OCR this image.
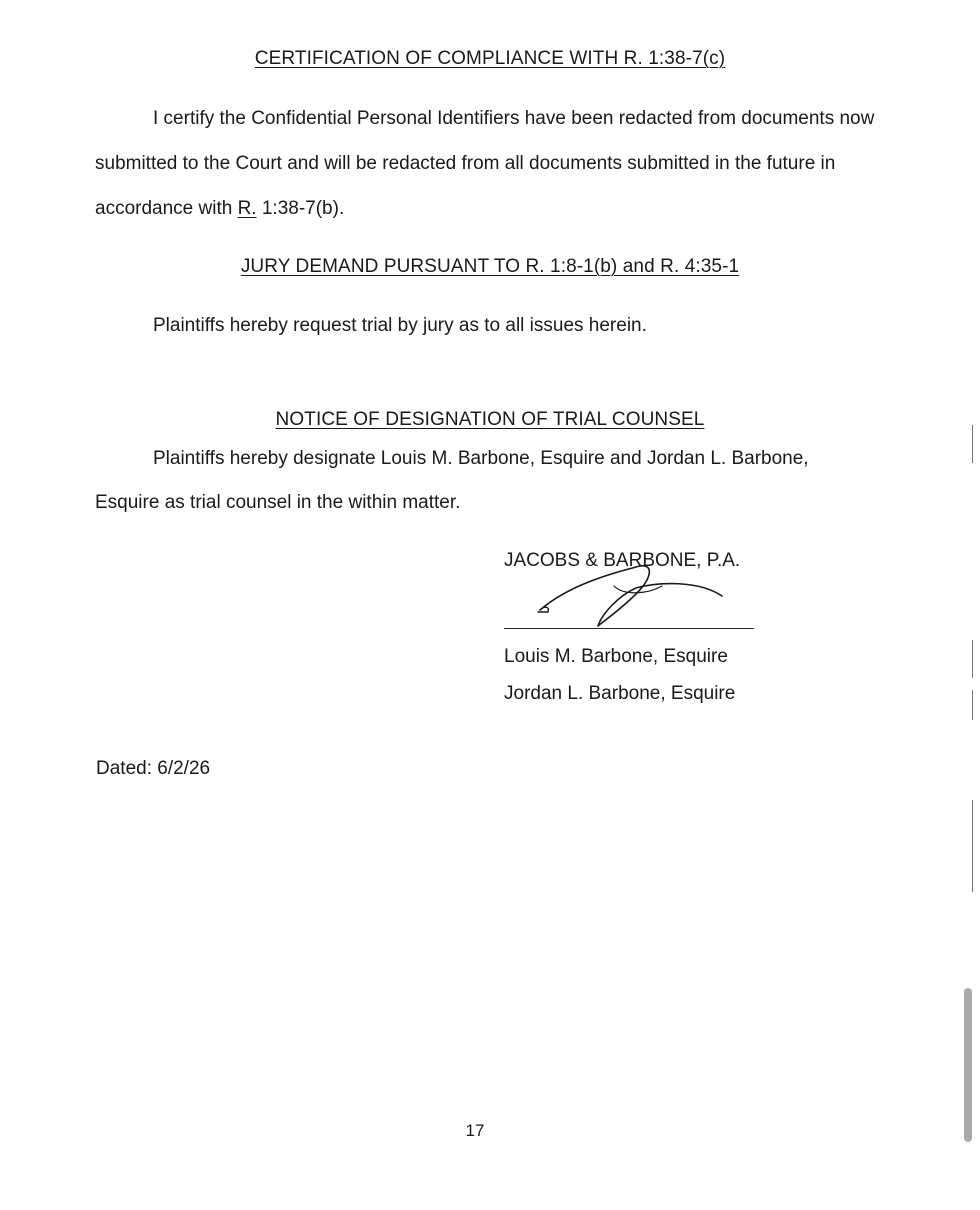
CERTIFICATION OF COMPLIANCE WITH R. 1:38-7(c)
I certify the Confidential Personal Identifiers have been redacted from documents now
submitted to the Court and will be redacted from all documents submitted in the future in
accordance with R. 1:38-7(b).
JURY DEMAND PURSUANT TO R. 1:8-1(b) and R. 4:35-1
Plaintiffs hereby request trial by jury as to all issues herein.
NOTICE OF DESIGNATION OF TRIAL COUNSEL
Plaintiffs hereby designate Louis M. Barbone, Esquire and Jordan L. Barbone,
Esquire as trial counsel in the within matter.
JACOBS & BARBONE, P.A.
Louis M. Barbone, Esquire
Jordan L. Barbone, Esquire
Dated: 6/2/26
17
